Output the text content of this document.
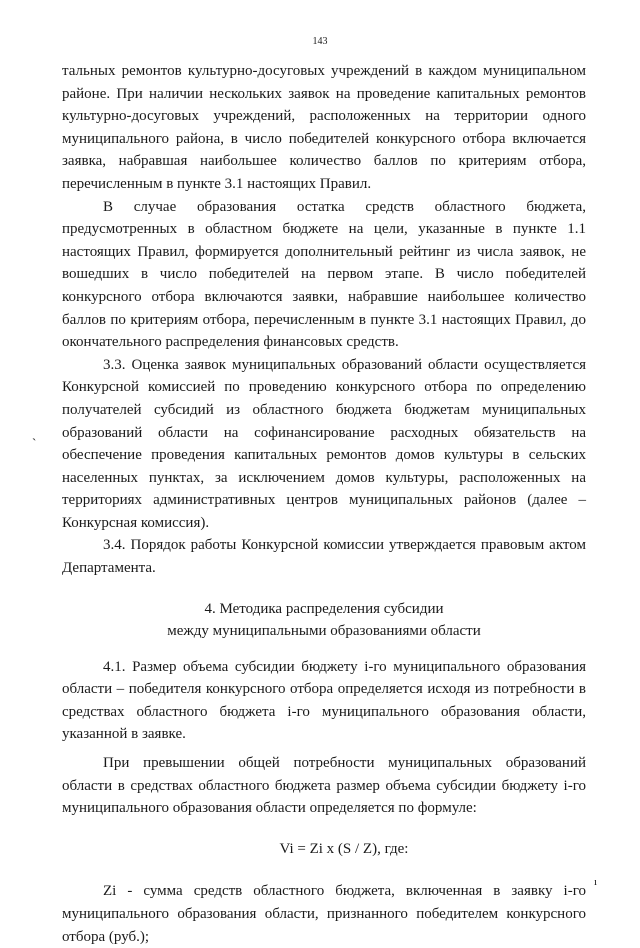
143

тальных ремонтов культурно-досуговых учреждений в каждом муниципальном районе. При наличии нескольких заявок на проведение капитальных ремонтов культурно-досуговых учреждений, расположенных на территории одного муниципального района, в число победителей конкурсного отбора включается заявка, набравшая наибольшее количество баллов по критериям отбора, перечисленным в пункте 3.1 настоящих Правил.

В случае образования остатка средств областного бюджета, предусмотренных в областном бюджете на цели, указанные в пункте 1.1 настоящих Правил, формируется дополнительный рейтинг из числа заявок, не вошедших в число победителей на первом этапе. В число победителей конкурсного отбора включаются заявки, набравшие наибольшее количество баллов по критериям отбора, перечисленным в пункте 3.1 настоящих Правил, до окончательного распределения финансовых средств.

3.3. Оценка заявок муниципальных образований области осуществляется Конкурсной комиссией по проведению конкурсного отбора по определению получателей субсидий из областного бюджета бюджетам муниципальных образований области на софинансирование расходных обязательств на обеспечение проведения капитальных ремонтов домов культуры в сельских населенных пунктах, за исключением домов культуры, расположенных на территориях административных центров муниципальных районов (далее – Конкурсная комиссия).

3.4. Порядок работы Конкурсной комиссии утверждается правовым актом Департамента.

4. Методика распределения субсидии
между муниципальными образованиями области

4.1. Размер объема субсидии бюджету i-го муниципального образования области – победителя конкурсного отбора определяется исходя из потребности в средствах областного бюджета i-го муниципального образования области, указанной в заявке.

При превышении общей потребности муниципальных образований области в средствах областного бюджета размер объема субсидии бюджету i-го муниципального образования области определяется по формуле:

Vi = Zi x (S / Z), где:

Zi - сумма средств областного бюджета, включенная в заявку i-го муниципального образования области, признанного победителем конкурсного отбора (руб.);

ˏ
ı
